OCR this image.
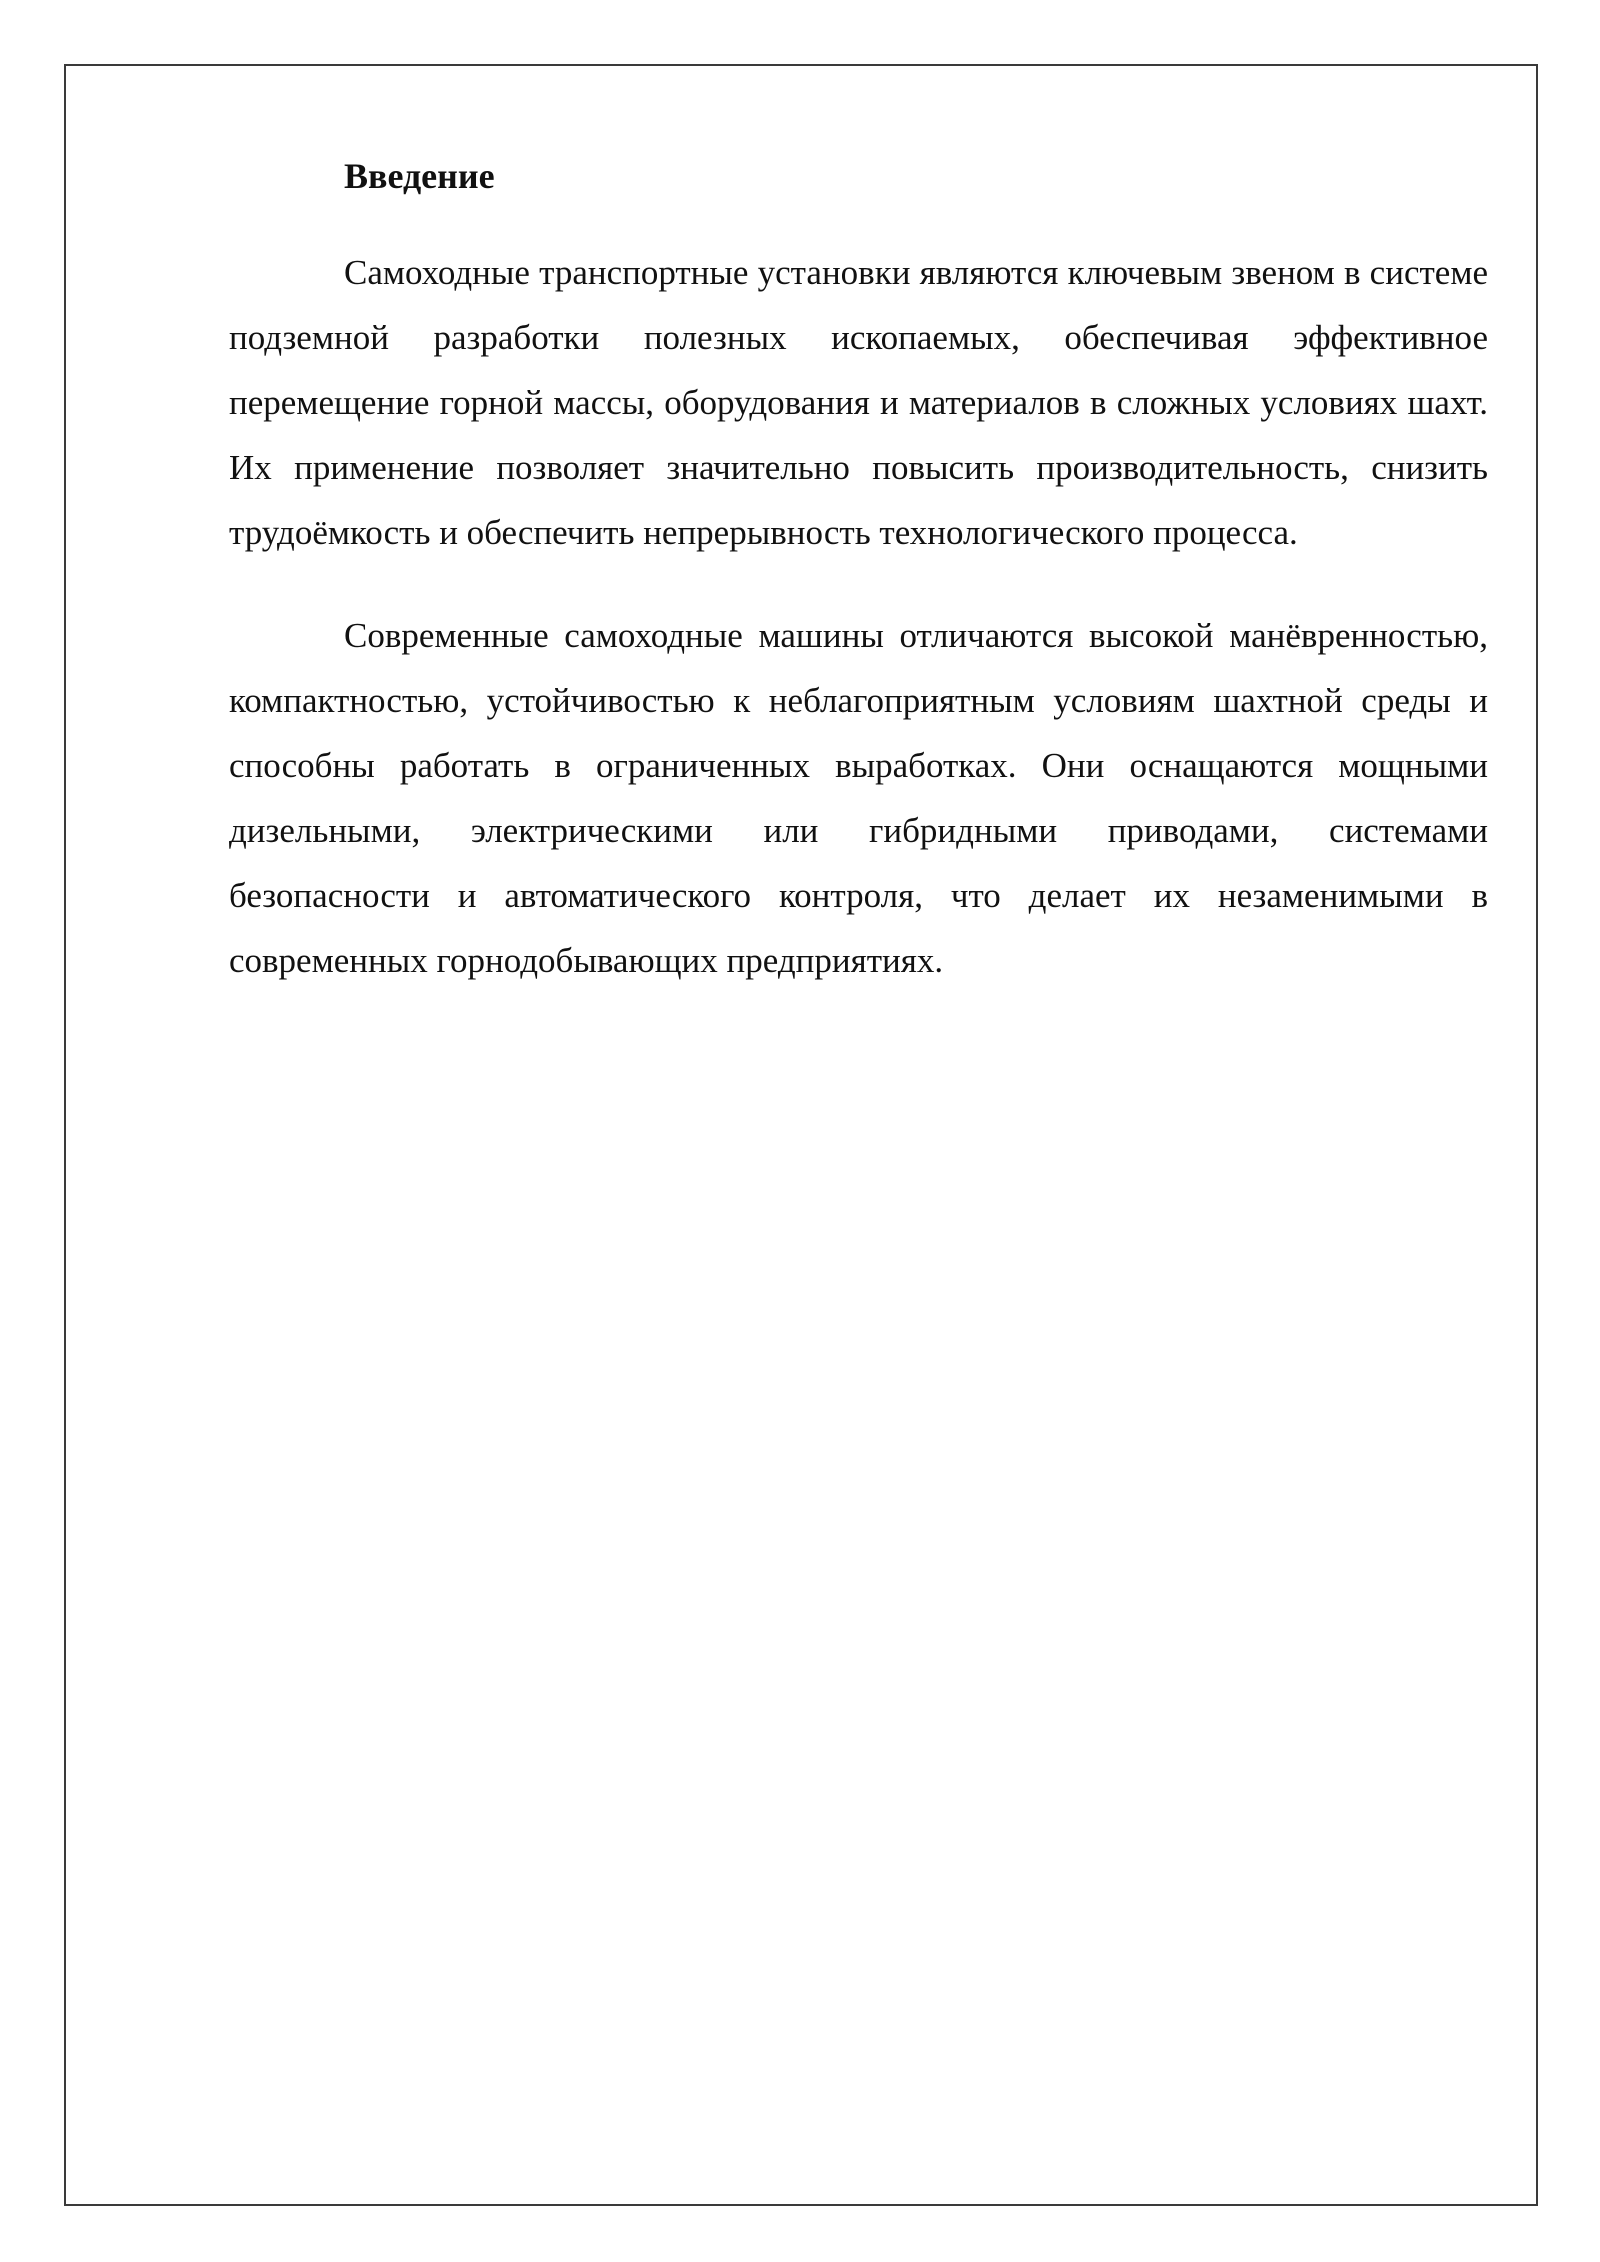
Введение

Самоходные транспортные установки являются ключевым звеном в системе подземной разработки полезных ископаемых, обеспечивая эффективное перемещение горной массы, оборудования и материалов в сложных условиях шахт. Их применение позволяет значительно повысить производительность, снизить трудоёмкость и обеспечить непрерывность технологического процесса.

Современные самоходные машины отличаются высокой манёвренностью, компактностью, устойчивостью к неблагоприятным условиям шахтной среды и способны работать в ограниченных выработках. Они оснащаются мощными дизельными, электрическими или гибридными приводами, системами безопасности и автоматического контроля, что делает их незаменимыми в современных горнодобывающих предприятиях.
